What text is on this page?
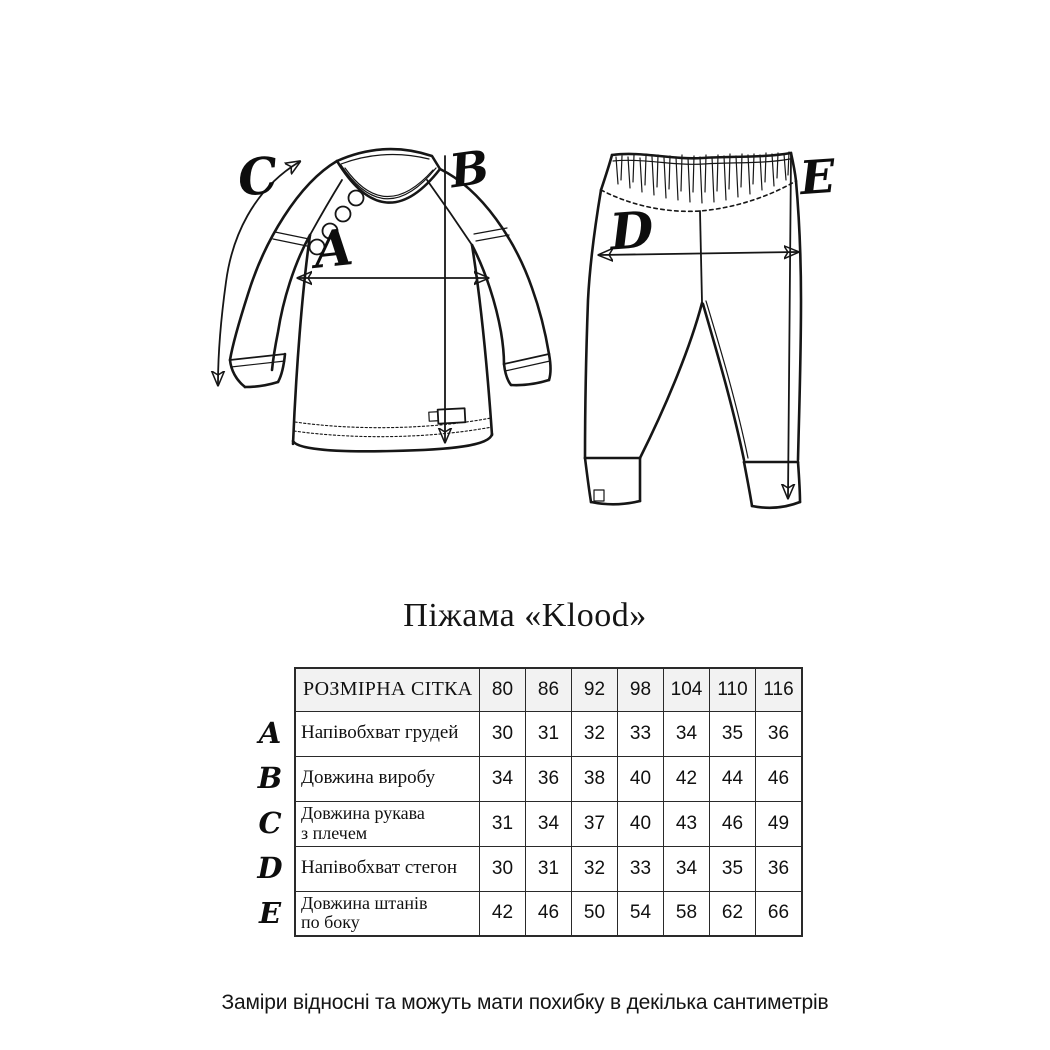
C	B
A	D
E
Піжама «Klood»
A
B
C
D
E
РОЗМІРНА СІТКА	80	86	92	98	104	110	116
Напівобхват грудей	30	31	32	33	34	35	36
Довжина виробу	34	36	38	40	42	44	46

Довжина рукава
з плечем	31	34	37	40	43	46	49
Напівобхват стегон	30	31	32	33	34	35	36

Довжина штанів
по боку	42	46	50	54	58	62	66
Заміри відносні та можуть мати похибку в декілька сантиметрів
